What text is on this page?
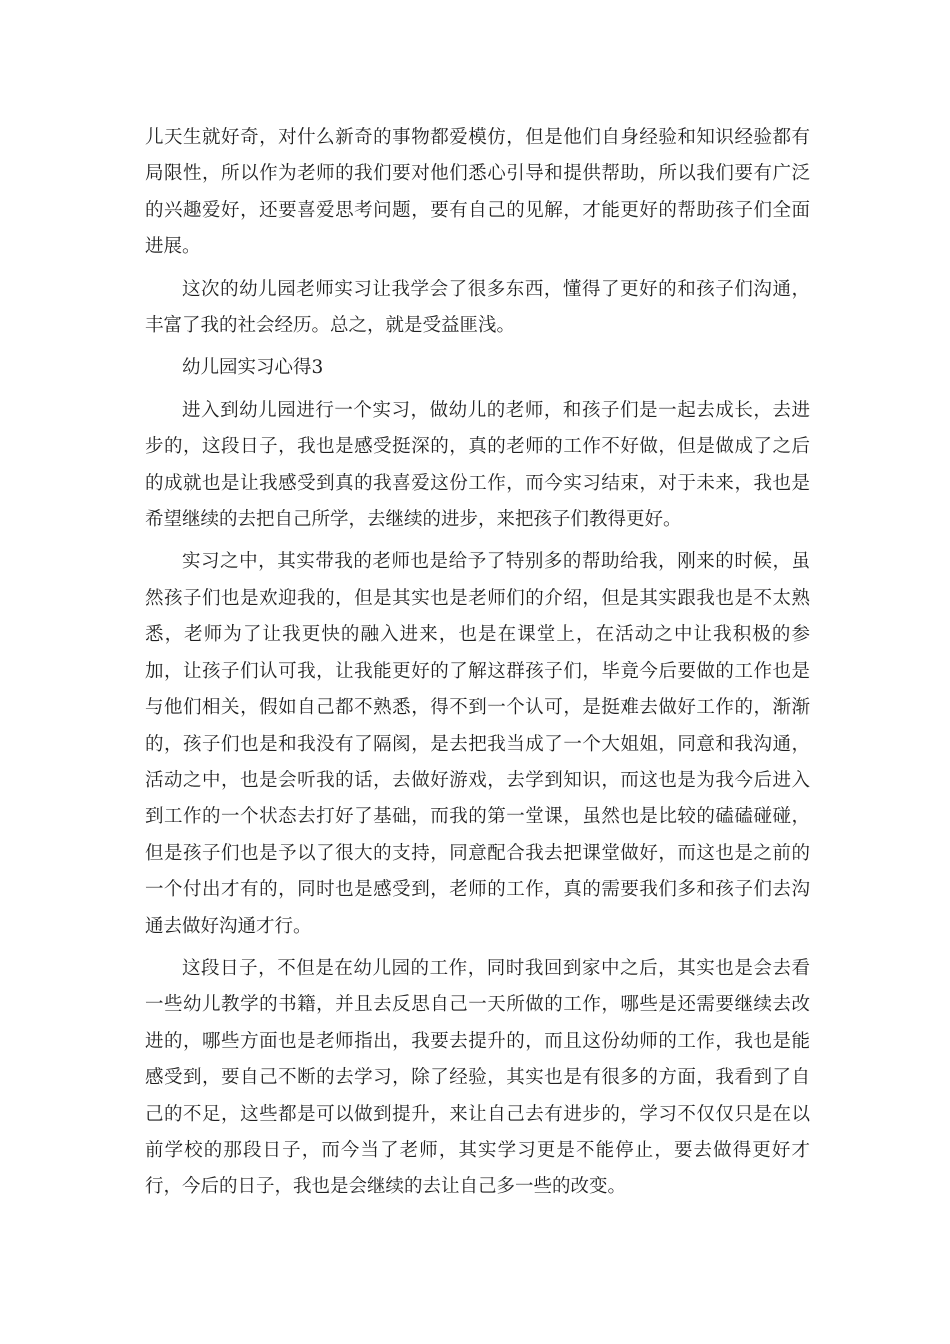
儿天生就好奇，对什么新奇的事物都爱模仿，但是他们自身经验和知识经验都有局限性，所以作为老师的我们要对他们悉心引导和提供帮助，所以我们要有广泛的兴趣爱好，还要喜爱思考问题，要有自己的见解，才能更好的帮助孩子们全面进展。

这次的幼儿园老师实习让我学会了很多东西，懂得了更好的和孩子们沟通，丰富了我的社会经历。总之，就是受益匪浅。

幼儿园实习心得3

进入到幼儿园进行一个实习，做幼儿的老师，和孩子们是一起去成长，去进步的，这段日子，我也是感受挺深的，真的老师的工作不好做，但是做成了之后的成就也是让我感受到真的我喜爱这份工作，而今实习结束，对于未来，我也是希望继续的去把自己所学，去继续的进步，来把孩子们教得更好。

实习之中，其实带我的老师也是给予了特别多的帮助给我，刚来的时候，虽然孩子们也是欢迎我的，但是其实也是老师们的介绍，但是其实跟我也是不太熟悉，老师为了让我更快的融入进来，也是在课堂上，在活动之中让我积极的参加，让孩子们认可我，让我能更好的了解这群孩子们，毕竟今后要做的工作也是与他们相关，假如自己都不熟悉，得不到一个认可，是挺难去做好工作的，渐渐的，孩子们也是和我没有了隔阂，是去把我当成了一个大姐姐，同意和我沟通，活动之中，也是会听我的话，去做好游戏，去学到知识，而这也是为我今后进入到工作的一个状态去打好了基础，而我的第一堂课，虽然也是比较的磕磕碰碰，但是孩子们也是予以了很大的支持，同意配合我去把课堂做好，而这也是之前的一个付出才有的，同时也是感受到，老师的工作，真的需要我们多和孩子们去沟通去做好沟通才行。

这段日子，不但是在幼儿园的工作，同时我回到家中之后，其实也是会去看一些幼儿教学的书籍，并且去反思自己一天所做的工作，哪些是还需要继续去改进的，哪些方面也是老师指出，我要去提升的，而且这份幼师的工作，我也是能感受到，要自己不断的去学习，除了经验，其实也是有很多的方面，我看到了自己的不足，这些都是可以做到提升，来让自己去有进步的，学习不仅仅只是在以前学校的那段日子，而今当了老师，其实学习更是不能停止，要去做得更好才行，今后的日子，我也是会继续的去让自己多一些的改变。
